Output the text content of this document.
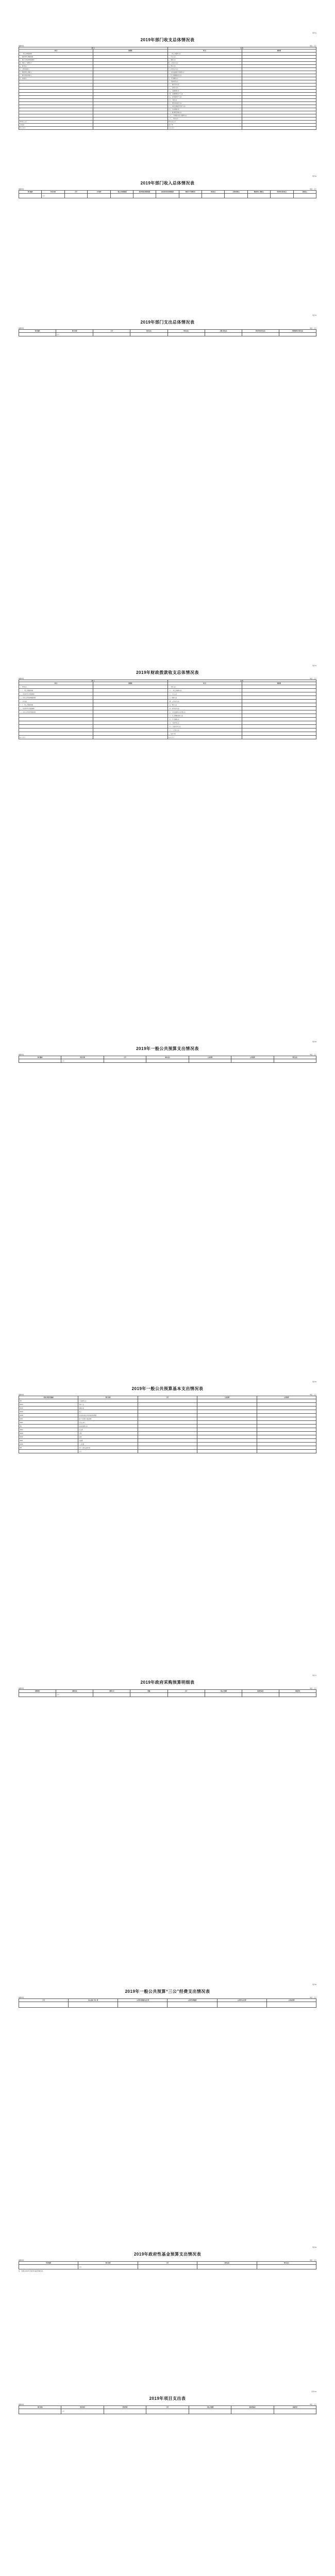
附件1
2019年部门收支总体情况表
编制单位：	单位：万元
收 入		支 出	
项 目	预算数	项 目	预算数
一、一般公共预算拨款		一、一般公共服务支出	
二、政府性基金预算拨款		二、外交支出	
三、国有资本经营预算拨款		三、国防支出	
四、财政专户管理资金		四、公共安全支出	
五、事业收入		五、教育支出	
六、上级补助收入		六、科学技术支出	
七、附属单位上缴收入		七、文化旅游体育与传媒支出	
八、事业单位经营收入		八、社会保障和就业支出	
九、其他收入		九、卫生健康支出	
		十、节能环保支出	
		十一、城乡社区支出	
		十二、农林水支出	
		十三、交通运输支出	
		十四、资源勘探信息等支出	
		十五、商业服务业等支出	
		十六、金融支出	
		十七、援助其他地区支出	
		十八、自然资源海洋气象等支出	
		十九、住房保障支出	
		二十、粮油物资储备支出	
		二十一、灾害防治及应急管理支出	
		二十二、其他支出	
本年收入合计		本年支出合计	
上年结转		结转下年	
收 入 总 计		支 出 总 计	
附件2
2019年部门收入总体情况表
编制单位：	单位：万元
科目编码	科目名称	合计	上年结转	一般公共预算拨款	政府性基金预算拨款	国有资本经营预算拨款	财政专户管理资金	事业收入	上级补助收入	附属单位上缴收入	事业单位经营收入	其他收入
	合计											
附件3
2019年部门支出总体情况表
编制单位：	单位：万元
科目编码	科目名称	合计	基本支出	项目支出	上缴上级支出	事业单位经营支出	对附属单位补助支出
	合计						
附件4
2019年财政拨款收支总体情况表
编制单位：	单位：万元
收 入		支 出	
项 目	预算数	项 目	预算数
一、本年收入		一、本年支出	
（一）一般公共预算拨款		（一）一般公共服务支出	
（二）政府性基金预算拨款		（二）外交支出	
（三）国有资本经营预算拨款		（三）国防支出	
二、上年结转		（四）公共安全支出	
（一）一般公共预算拨款		（五）教育支出	
（二）政府性基金预算拨款		（六）科学技术支出	
（三）国有资本经营预算拨款		（七）文化旅游体育与传媒支出	
		（八）社会保障和就业支出	
		（九）卫生健康支出	
		（十）节能环保支出	
		（十一）城乡社区支出	
		（十二）农林水支出	
		二、结转下年	
收 入 总 计		支 出 总 计	
附件5
2019年一般公共预算支出情况表
编制单位：	单位：万元
科目编码	科目名称	合计	基本支出	人员经费	公用经费	项目支出
	合计					
附件6
2019年一般公共预算基本支出情况表
编制单位：	单位：万元
经济分类科目编码	科目名称	合计	人员经费	公用经费
301	工资福利支出			
30101	基本工资			
30102	津贴补贴			
30103	奖金			
30108	机关事业单位基本养老保险缴费			
30110	职工基本医疗保险缴费			
30113	住房公积金			
302	商品和服务支出			
30201	办公费			
30205	水费			
30206	电费			
30211	差旅费			
30228	工会经费			
303	对个人和家庭的补助			
	合计			
附件7
2019年政府采购预算明细表
编制单位：	单位：万元
采购项目	采购目录	采购方式	数量	合计	一般公共预算	政府性基金	其他资金
	合计						
附件8
2019年一般公共预算“三公”经费支出情况表
编制单位：	单位：万元
合计	因公出国（境）费	公务用车购置及运行费	公务用车购置费	公务用车运行费	公务接待费

附件9
2019年政府性基金预算支出情况表
编制单位：	单位：万元
科目编码	科目名称	合计	基本支出	项目支出
	合计			
注：本单位2019年无政府性基金预算支出。
附件10
2019年项目支出表
编制单位：	单位：万元
项目名称	项目单位	资金性质	合计	一般公共预算	政府性基金	其他资金
	合计					
